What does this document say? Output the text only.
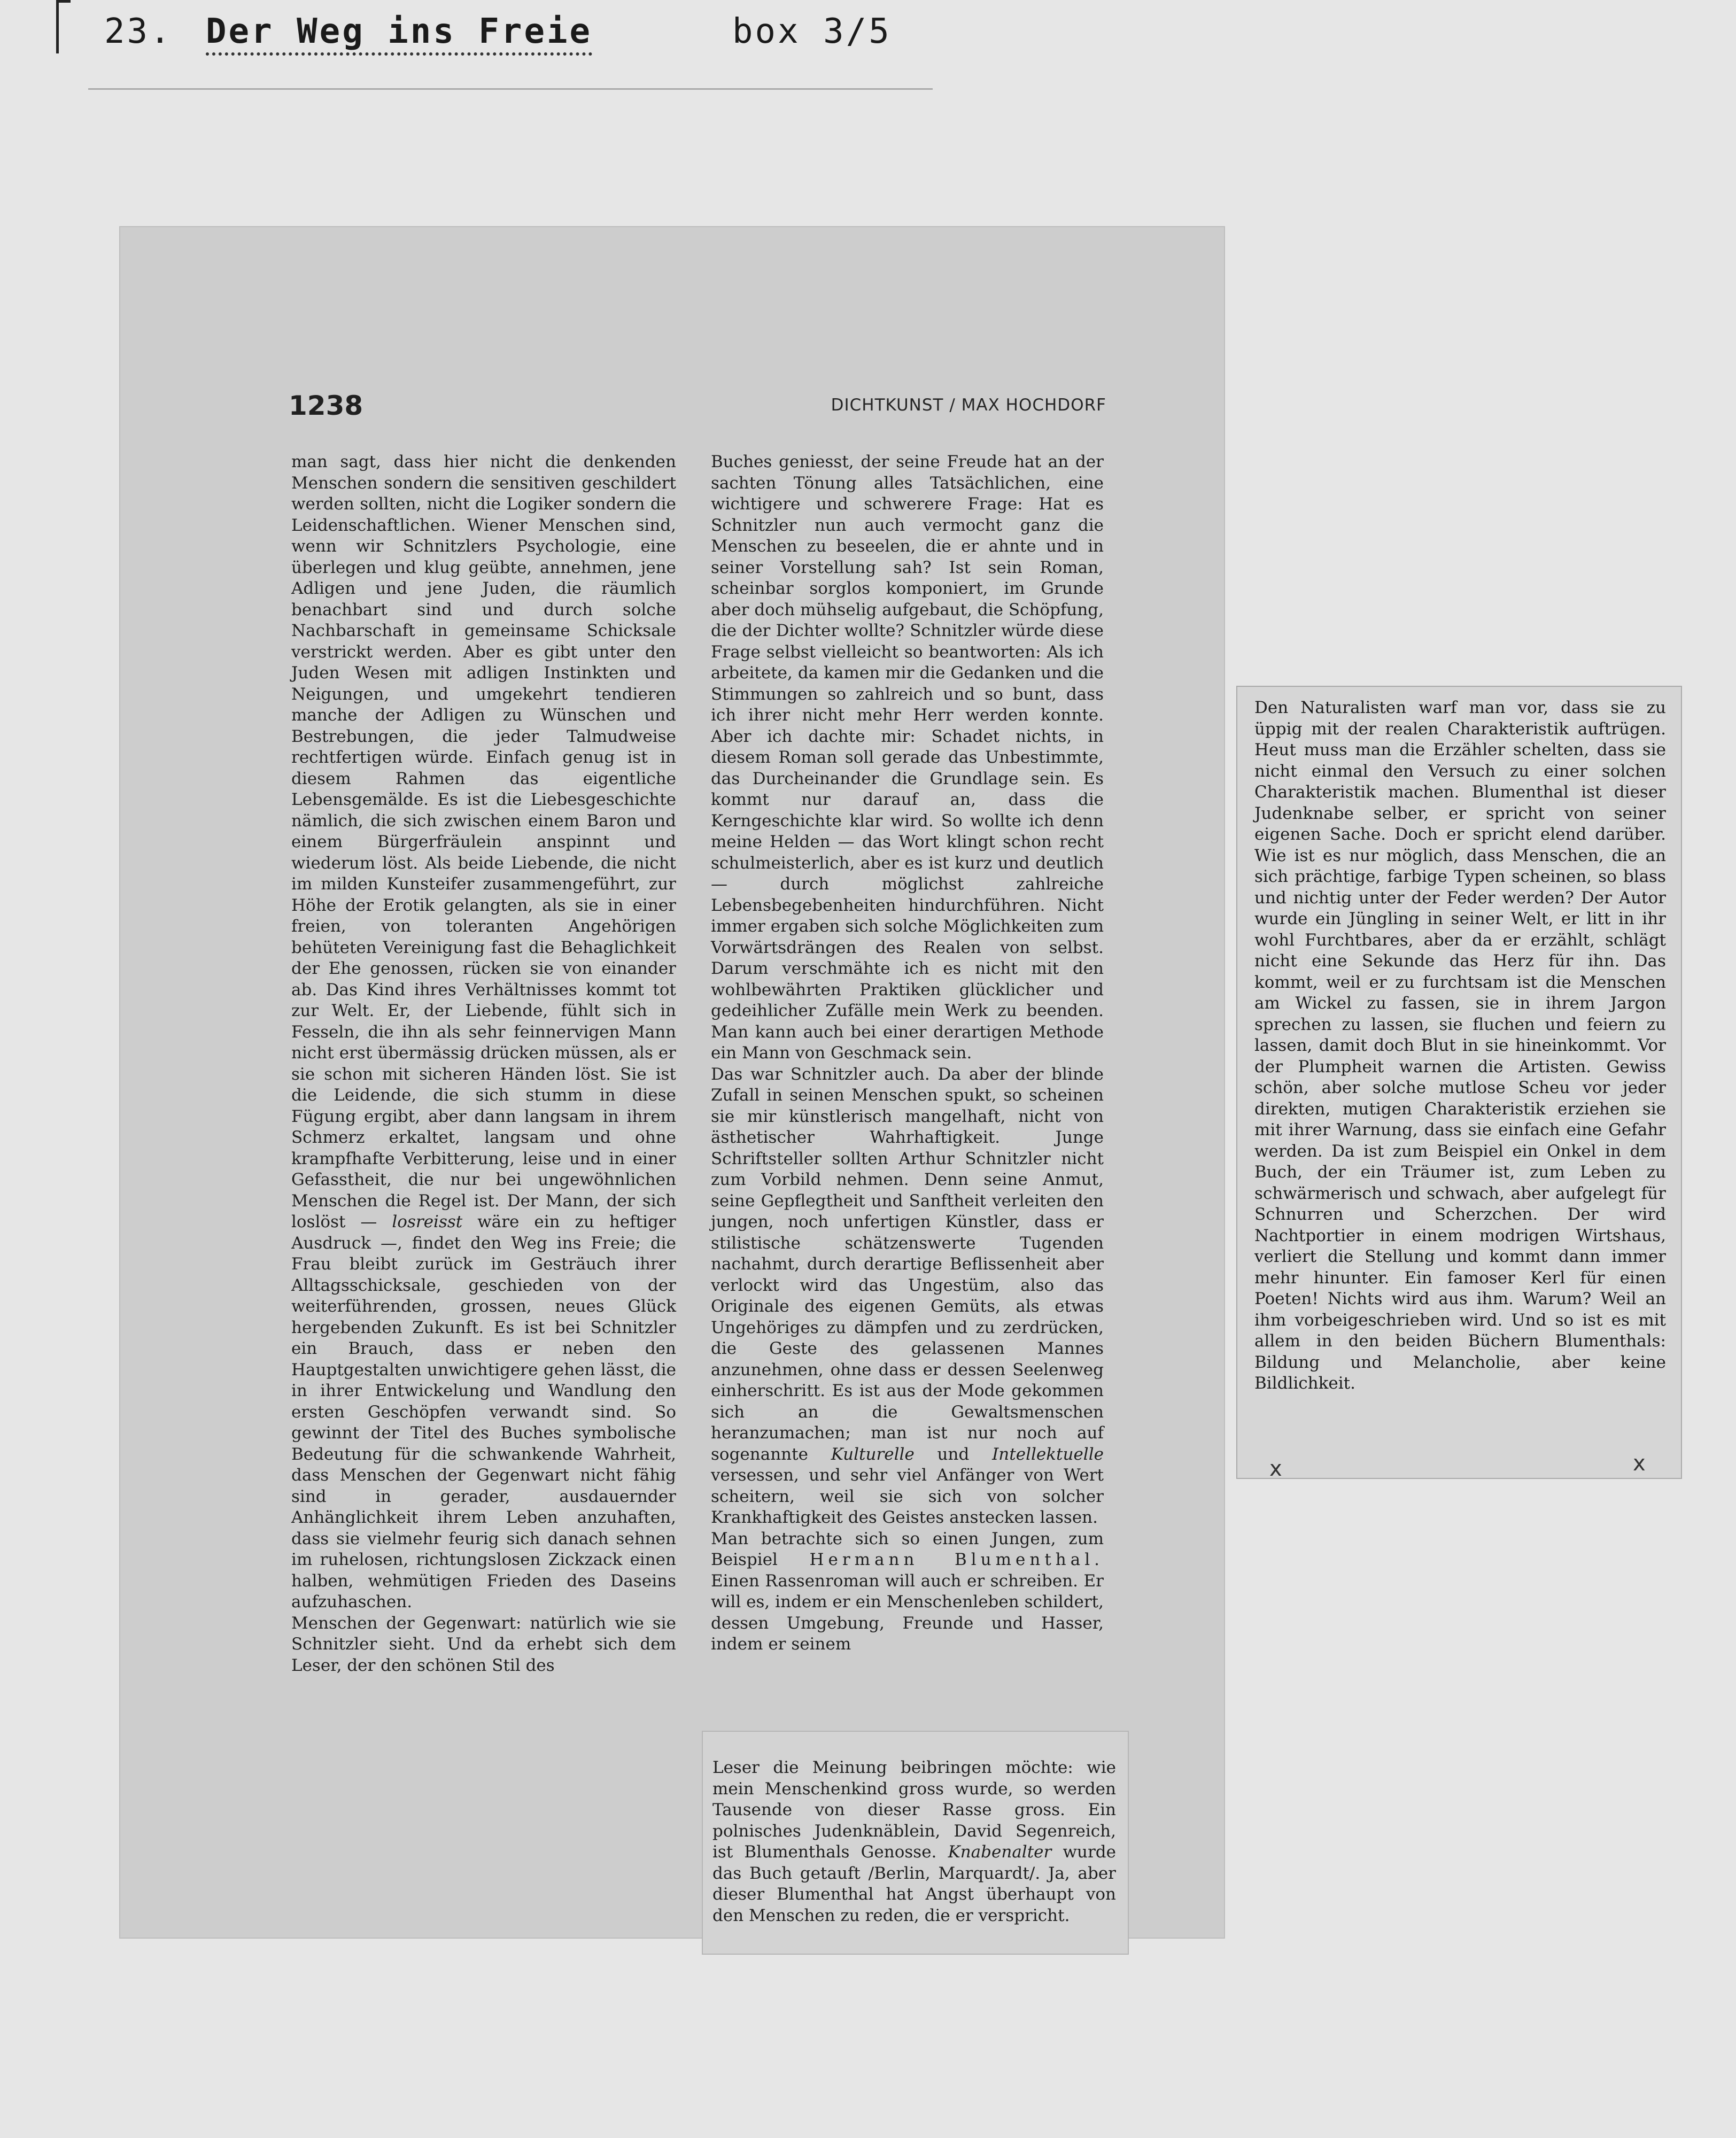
23. Der Weg ins Freie	box 3/5
1238	DICHTKUNST / MAX HOCHDORF

man sagt, dass hier nicht die denkenden Menschen sondern die sensitiven geschildert werden sollten, nicht die Logiker sondern die Leidenschaftlichen. Wiener Menschen sind, wenn wir Schnitzlers Psychologie, eine überlegen und klug geübte, annehmen, jene Adligen und jene Juden, die räumlich benachbart sind und durch solche Nachbarschaft in gemeinsame Schicksale verstrickt werden. Aber es gibt unter den Juden Wesen mit adligen Instinkten und Neigungen, und umgekehrt tendieren manche der Adligen zu Wünschen und Bestrebungen, die jeder Talmudweise rechtfertigen würde. Einfach genug ist in diesem Rahmen das eigentliche Lebensgemälde. Es ist die Liebesgeschichte nämlich, die sich zwischen einem Baron und einem Bürgerfräulein anspinnt und wiederum löst. Als beide Liebende, die nicht im milden Kunsteifer zusammengeführt, zur Höhe der Erotik gelangten, als sie in einer freien, von toleranten Angehörigen behüteten Vereinigung fast die Behaglichkeit der Ehe genossen, rücken sie von einander ab. Das Kind ihres Verhältnisses kommt tot zur Welt. Er, der Liebende, fühlt sich in Fesseln, die ihn als sehr feinnervigen Mann nicht erst übermässig drücken müssen, als er sie schon mit sicheren Händen löst. Sie ist die Leidende, die sich stumm in diese Fügung ergibt, aber dann langsam in ihrem Schmerz erkaltet, langsam und ohne krampfhafte Verbitterung, leise und in einer Gefasstheit, die nur bei ungewöhnlichen Menschen die Regel ist. Der Mann, der sich loslöst — losreisst wäre ein zu heftiger Ausdruck —, findet den Weg ins Freie; die Frau bleibt zurück im Gesträuch ihrer Alltagsschicksale, geschieden von der weiterführenden, grossen, neues Glück hergebenden Zukunft. Es ist bei Schnitzler ein Brauch, dass er neben den Hauptgestalten unwichtigere gehen lässt, die in ihrer Entwickelung und Wandlung den ersten Geschöpfen verwandt sind. So gewinnt der Titel des Buches symbolische Bedeutung für die schwankende Wahrheit, dass Menschen der Gegenwart nicht fähig sind in gerader, ausdauernder Anhänglichkeit ihrem Leben anzuhaften, dass sie vielmehr feurig sich danach sehnen im ruhelosen, richtungslosen Zickzack einen halben, wehmütigen Frieden des Daseins aufzuhaschen.

Menschen der Gegenwart: natürlich wie sie Schnitzler sieht. Und da erhebt sich dem Leser, der den schönen Stil des

Buches geniesst, der seine Freude hat an der sachten Tönung alles Tatsächlichen, eine wichtigere und schwerere Frage: Hat es Schnitzler nun auch vermocht ganz die Menschen zu beseelen, die er ahnte und in seiner Vorstellung sah? Ist sein Roman, scheinbar sorglos komponiert, im Grunde aber doch mühselig aufgebaut, die Schöpfung, die der Dichter wollte? Schnitzler würde diese Frage selbst vielleicht so beantworten: Als ich arbeitete, da kamen mir die Gedanken und die Stimmungen so zahlreich und so bunt, dass ich ihrer nicht mehr Herr werden konnte. Aber ich dachte mir: Schadet nichts, in diesem Roman soll gerade das Unbestimmte, das Durcheinander die Grundlage sein. Es kommt nur darauf an, dass die Kerngeschichte klar wird. So wollte ich denn meine Helden — das Wort klingt schon recht schulmeisterlich, aber es ist kurz und deutlich — durch möglichst zahlreiche Lebensbegebenheiten hindurchführen. Nicht immer ergaben sich solche Möglichkeiten zum Vorwärtsdrängen des Realen von selbst. Darum verschmähte ich es nicht mit den wohlbewährten Praktiken glücklicher und gedeihlicher Zufälle mein Werk zu beenden. Man kann auch bei einer derartigen Methode ein Mann von Geschmack sein.

Das war Schnitzler auch. Da aber der blinde Zufall in seinen Menschen spukt, so scheinen sie mir künstlerisch mangelhaft, nicht von ästhetischer Wahrhaftigkeit. Junge Schriftsteller sollten Arthur Schnitzler nicht zum Vorbild nehmen. Denn seine Anmut, seine Gepflegtheit und Sanftheit verleiten den jungen, noch unfertigen Künstler, dass er stilistische schätzenswerte Tugenden nachahmt, durch derartige Beflissenheit aber verlockt wird das Ungestüm, also das Originale des eigenen Gemüts, als etwas Ungehöriges zu dämpfen und zu zerdrücken, die Geste des gelassenen Mannes anzunehmen, ohne dass er dessen Seelenweg einherschritt. Es ist aus der Mode gekommen sich an die Gewaltsmenschen heranzumachen; man ist nur noch auf sogenannte Kulturelle und Intellektuelle versessen, und sehr viel Anfänger von Wert scheitern, weil sie sich von solcher Krankhaftigkeit des Geistes anstecken lassen.

Man betrachte sich so einen Jungen, zum Beispiel Hermann Blumenthal. Einen Rassenroman will auch er schreiben. Er will es, indem er ein Menschenleben schildert, dessen Umgebung, Freunde und Hasser, indem er seinem

Leser die Meinung beibringen möchte: wie mein Menschenkind gross wurde, so werden Tausende von dieser Rasse gross. Ein polnisches Judenknäblein, David Segenreich, ist Blumenthals Genosse. Knabenalter wurde das Buch getauft /Berlin, Marquardt/. Ja, aber dieser Blumenthal hat Angst überhaupt von den Menschen zu reden, die er verspricht.
Den Naturalisten warf man vor, dass sie zu üppig mit der realen Charakteristik auftrügen. Heut muss man die Erzähler schelten, dass sie nicht einmal den Versuch zu einer solchen Charakteristik machen. Blumenthal ist dieser Judenknabe selber, er spricht von seiner eigenen Sache. Doch er spricht elend darüber. Wie ist es nur möglich, dass Menschen, die an sich prächtige, farbige Typen scheinen, so blass und nichtig unter der Feder werden? Der Autor wurde ein Jüngling in seiner Welt, er litt in ihr wohl Furchtbares, aber da er erzählt, schlägt nicht eine Sekunde das Herz für ihn. Das kommt, weil er zu furchtsam ist die Menschen am Wickel zu fassen, sie in ihrem Jargon sprechen zu lassen, sie fluchen und feiern zu lassen, damit doch Blut in sie hineinkommt. Vor der Plumpheit warnen die Artisten. Gewiss schön, aber solche mutlose Scheu vor jeder direkten, mutigen Charakteristik erziehen sie mit ihrer Warnung, dass sie einfach eine Gefahr werden. Da ist zum Beispiel ein Onkel in dem Buch, der ein Träumer ist, zum Leben zu schwärmerisch und schwach, aber aufgelegt für Schnurren und Scherzchen. Der wird Nachtportier in einem modrigen Wirtshaus, verliert die Stellung und kommt dann immer mehr hinunter. Ein famoser Kerl für einen Poeten! Nichts wird aus ihm. Warum? Weil an ihm vorbeigeschrieben wird. Und so ist es mit allem in den beiden Büchern Blumenthals: Bildung und Melancholie, aber keine Bildlichkeit.
x	x
